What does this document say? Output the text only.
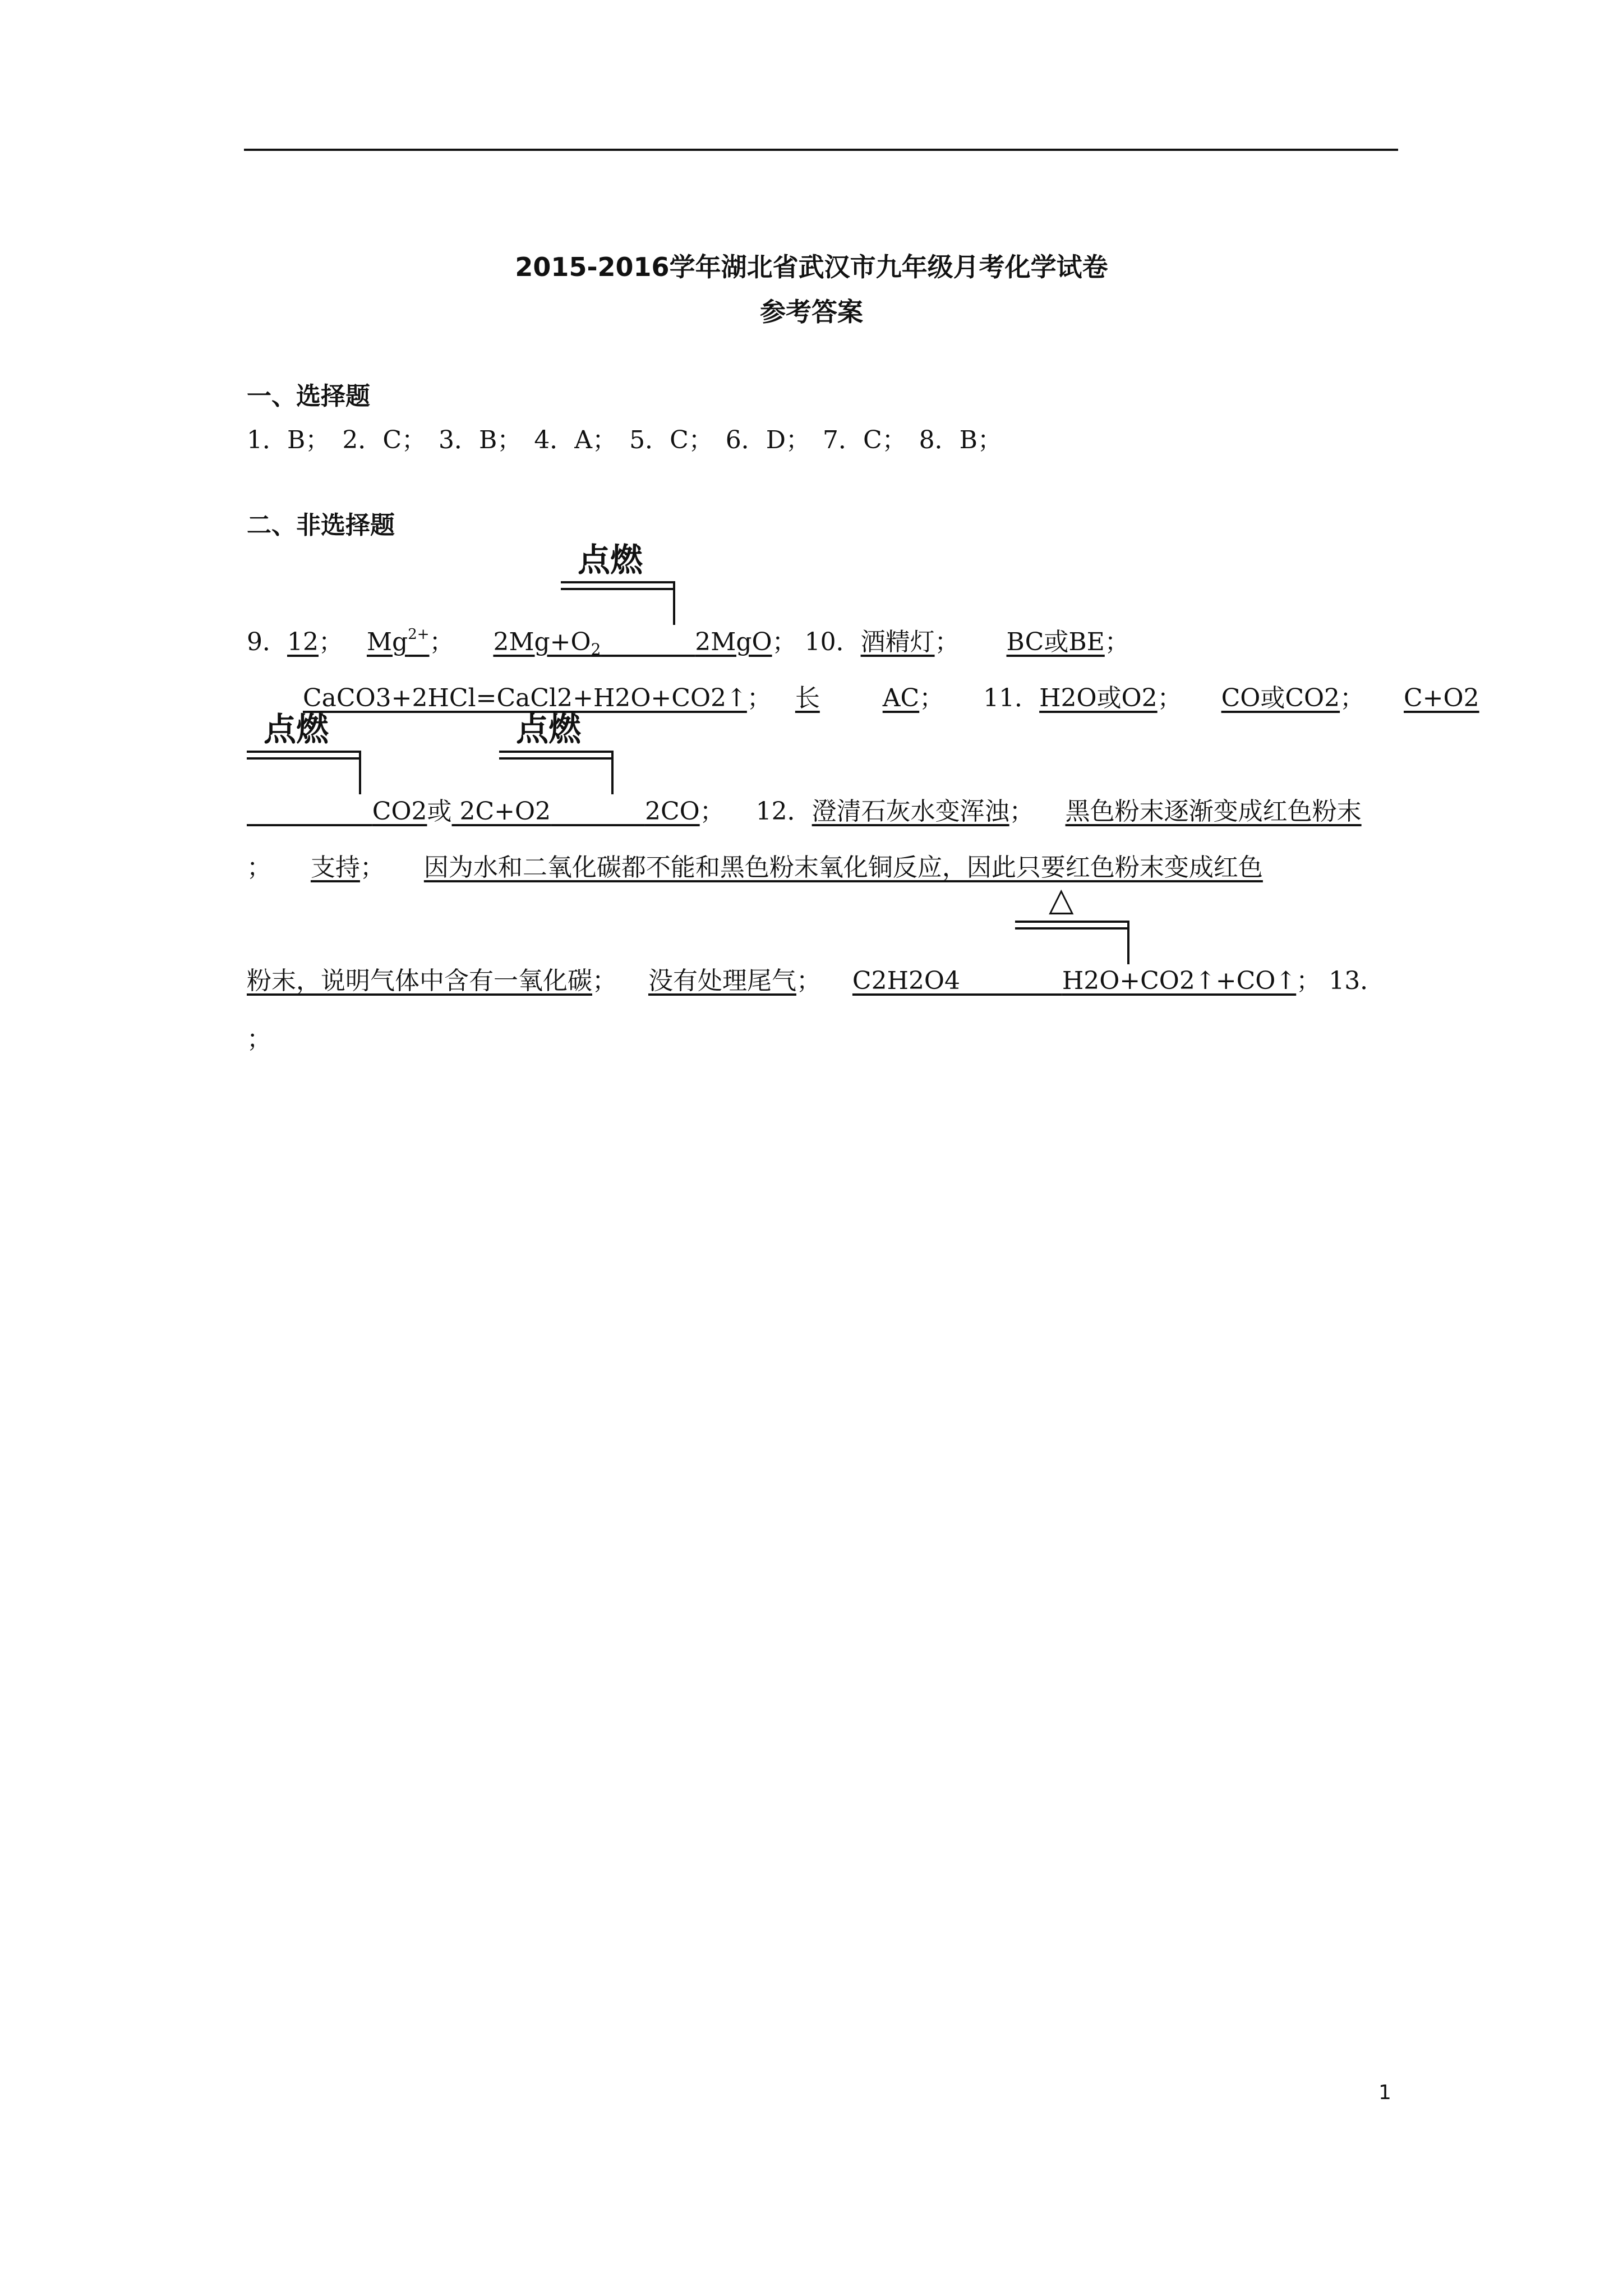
2015-2016学年湖北省武汉市九年级月考化学试卷
参考答案
一、选择题
1．B；　2．C；　3．B；　4．A；　5．C；　6．D；　7．C；　8．B；
二、非选择题
点燃
9．12； $Mg^{2+}$； $2Mg+O_2$	2MgO； 10．酒精灯； BC或BE；
CaCO3+2HCl=CaCl2+H2O+CO2↑； 长	AC； 11．H2O或O2； CO或CO2； C+O2
点燃	点燃
CO2或 2C+O2	2CO； 12．澄清石灰水变浑浊； 黑色粉末逐渐变成红色粉末
； 支持； 因为水和二氧化碳都不能和黑色粉末氧化铜反应，因此只要红色粉末变成红色
△
粉末，说明气体中含有一氧化碳； 没有处理尾气； C2H2O4	H2O+CO2↑+CO↑； 13．
；
1
